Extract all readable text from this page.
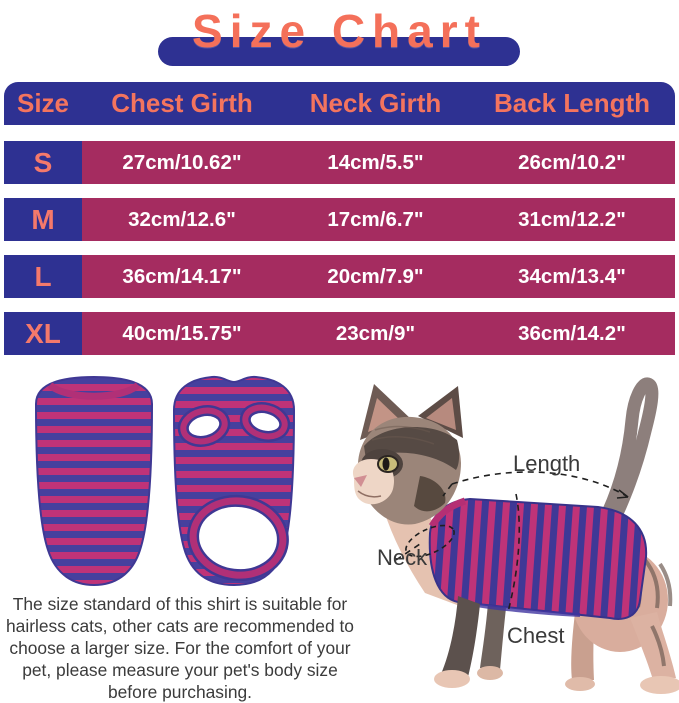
Size Chart
Size	Chest Girth	Neck Girth	Back Length
S	27cm/10.62"	14cm/5.5"	26cm/10.2"
M	32cm/12.6"	17cm/6.7"	31cm/12.2"
L	36cm/14.17"	20cm/7.9"	34cm/13.4"
XL	40cm/15.75"	23cm/9"	36cm/14.2"
Length
Neck
Chest
The size standard of this shirt is suitable for hairless cats, other cats are recommended to choose a larger size. For the comfort of your pet, please measure your pet's body size before purchasing.
